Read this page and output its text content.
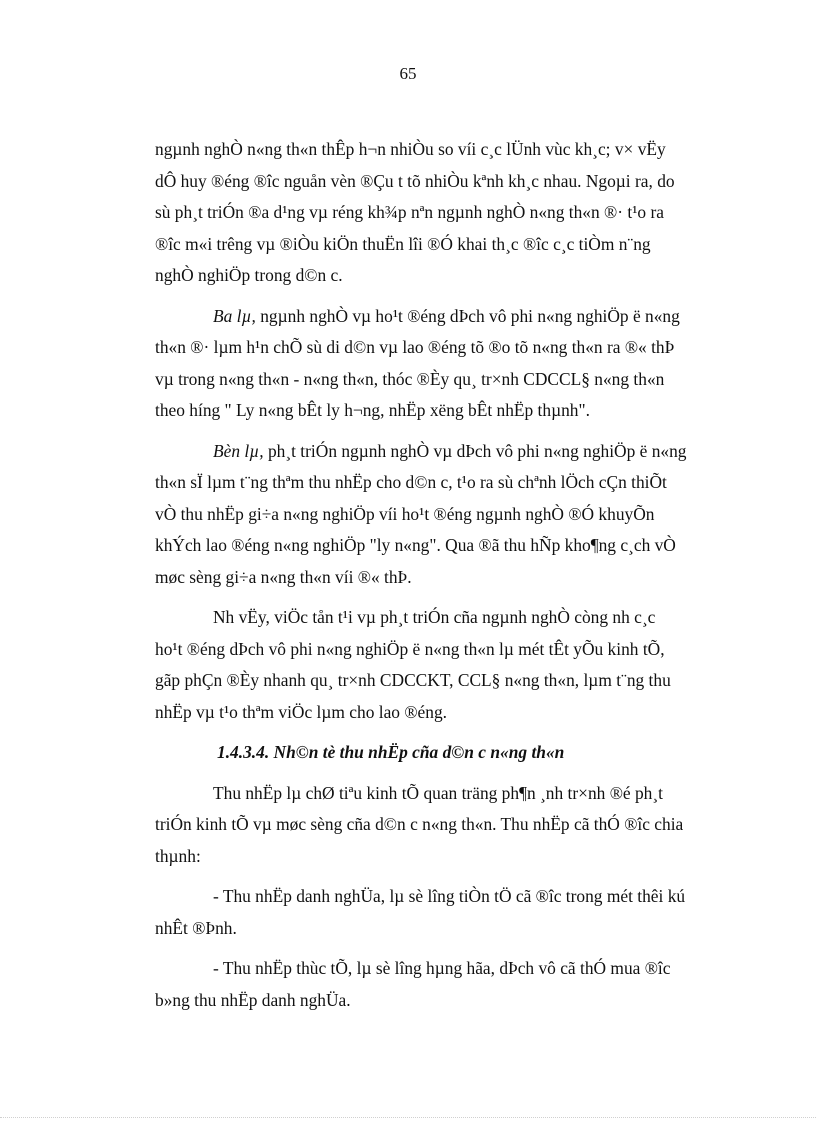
65
ngµnh nghÒ n«ng th«n thÊp h¬n nhiÒu so víi c¸c lÜnh vùc kh¸c; v× vËy
dÔ huy ®éng ®îc nguån vèn ®Çu t tõ nhiÒu kªnh kh¸c nhau. Ngoµi ra, do
sù ph¸t triÓn ®a d¹ng vµ réng kh¾p nªn ngµnh nghÒ n«ng th«n ®· t¹o ra
®îc m«i trêng vµ ®iÒu kiÖn thuËn lîi ®Ó khai th¸c ®îc c¸c tiÒm n¨ng
nghÒ nghiÖp trong d©n c.
Ba lµ, ngµnh nghÒ vµ ho¹t ®éng dÞch vô phi n«ng nghiÖp ë n«ng
th«n ®· lµm h¹n chÕ sù di d©n vµ lao ®éng tõ ®o tõ n«ng th«n ra ®« thÞ
vµ trong n«ng th«n - n«ng th«n, thóc ®Èy qu¸ tr×nh CDCCL§ n«ng th«n
theo híng " Ly n«ng bÊt ly h¬ng, nhËp xëng bÊt nhËp thµnh".
Bèn lµ, ph¸t triÓn ngµnh nghÒ vµ dÞch vô phi n«ng nghiÖp ë n«ng
th«n sÏ lµm t¨ng thªm thu nhËp cho d©n c, t¹o ra sù chªnh lÖch cÇn thiÕt
vÒ thu nhËp gi÷a n«ng nghiÖp víi ho¹t ®éng ngµnh nghÒ ®Ó khuyÕn
khÝch lao ®éng n«ng nghiÖp "ly n«ng". Qua ®ã thu hÑp kho¶ng c¸ch vÒ
møc sèng gi÷a n«ng th«n víi ®« thÞ.
Nh vËy, viÖc tån t¹i vµ ph¸t triÓn cña ngµnh nghÒ còng nh c¸c
ho¹t ®éng dÞch vô phi n«ng nghiÖp ë n«ng th«n lµ mét tÊt yÕu kinh tÕ,
gãp phÇn ®Èy nhanh qu¸ tr×nh CDCCKT, CCL§ n«ng th«n, lµm t¨ng thu
nhËp vµ t¹o thªm viÖc lµm cho lao ®éng.
1.4.3.4. Nh©n tè thu nhËp cña d©n c n«ng th«n
Thu nhËp lµ chØ tiªu kinh tÕ quan träng ph¶n ¸nh tr×nh ®é ph¸t
triÓn kinh tÕ vµ møc sèng cña d©n c n«ng th«n. Thu nhËp cã thÓ ®îc chia
thµnh:
- Thu nhËp danh nghÜa, lµ sè lîng tiÒn tÖ cã ®îc trong mét thêi kú
nhÊt ®Þnh.
- Thu nhËp thùc tÕ, lµ sè lîng hµng hãa, dÞch vô cã thÓ mua ®îc
b»ng thu nhËp danh nghÜa.
